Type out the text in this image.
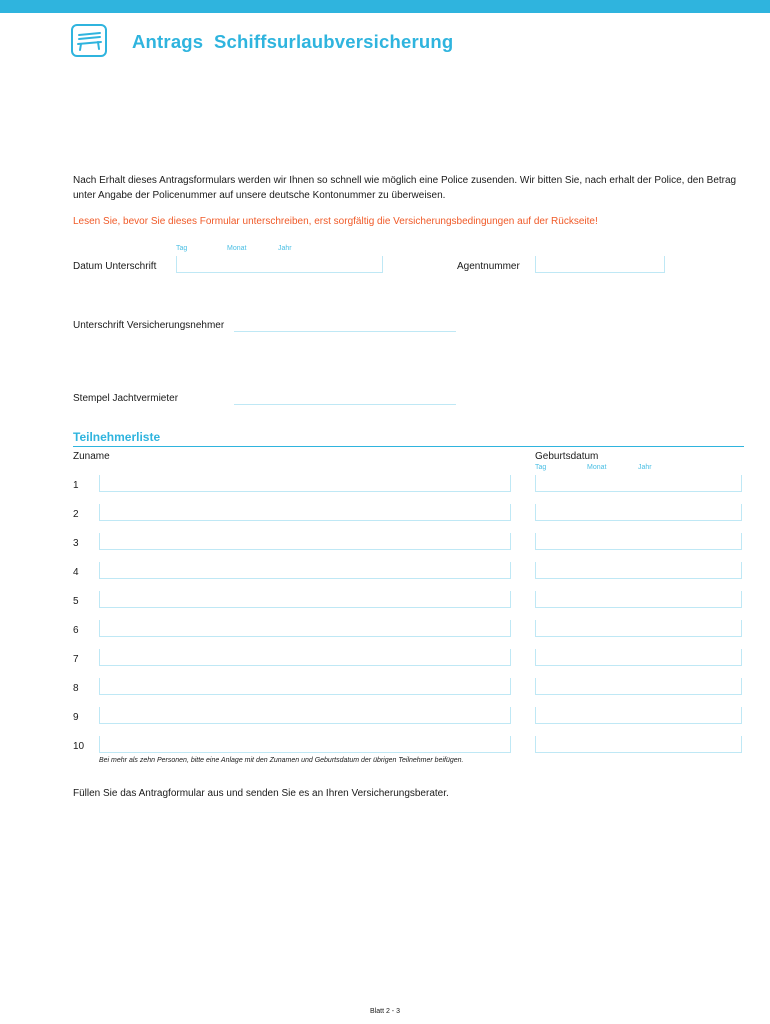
Antrags  Schiffsurlaubversicherung
Nach Erhalt dieses Antragsformulars werden wir Ihnen so schnell wie möglich eine Police zusenden. Wir bitten Sie, nach erhalt der Police, den Betrag unter Angabe der Policenummer auf unsere deutsche Kontonummer zu überweisen.
Lesen Sie, bevor Sie dieses Formular unterschreiben, erst sorgfältig die Versicherungsbedingungen auf der Rückseite!
Tag	Monat	Jahr
Datum Unterschrift	Agentnummer
Unterschrift Versicherungsnehmer
Stempel Jachtvermieter
Teilnehmerliste
Zuname	Geburtsdatum
Tag	Monat	Jahr
1
2
3
4
5
6
7
8
9
10
Bei mehr als zehn Personen, bitte eine Anlage mit den Zunamen und Geburtsdatum der übrigen Teilnehmer beifügen.
Füllen Sie das Antragformular aus und senden Sie es an Ihren Versicherungsberater.
Blatt 2 - 3
